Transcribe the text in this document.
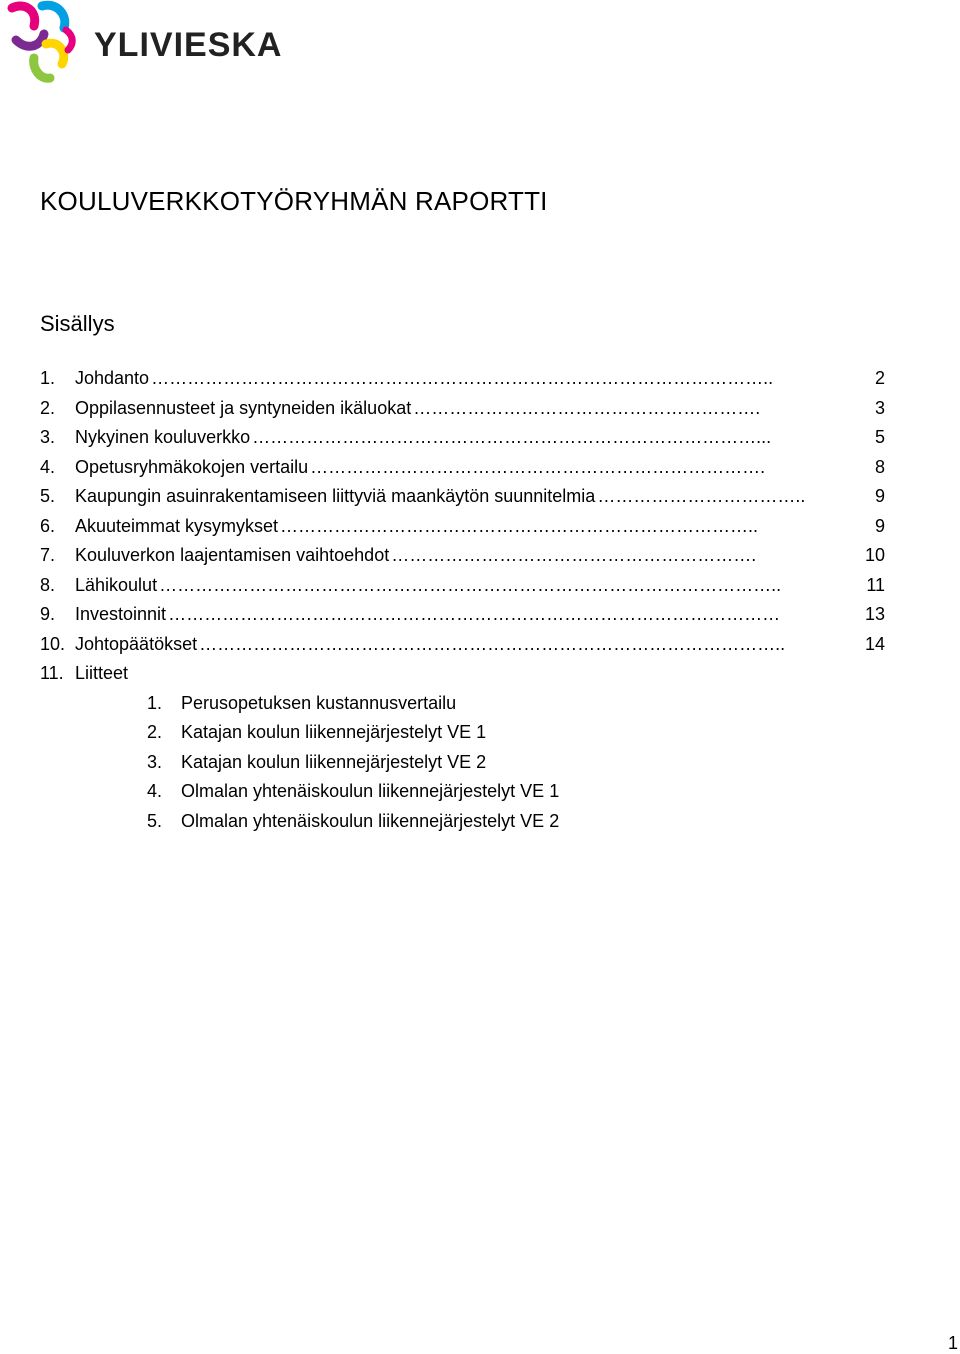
YLIVIESKA
KOULUVERKKOTYÖRYHMÄN RAPORTTI
Sisällys
1. Johdanto	2
…………………………………………………………………………………………..
2. Oppilasennusteet ja syntyneiden ikäluokat	3
………………………………………………….
3. Nykyinen kouluverkko	5
…………………………………………………………………………...
4. Opetusryhmäkokojen vertailu	8
………………………………………………………………….
5. Kaupungin asuinrakentamiseen liittyviä maankäytön suunnitelmia	9
……………………………..
6. Akuuteimmat kysymykset	9
……………………………………………………………………..
7. Kouluverkon laajentamisen vaihtoehdot	10
…………………………………………………….
8. Lähikoulut	11
…………………………………………………………………………………………..
9. Investoinnit	13
…………………………………………………………………………………………
10. Johtopäätökset	14
……………………………………………………………………………………..
11. Liitteet
1. Perusopetuksen kustannusvertailu
2. Katajan koulun liikennejärjestelyt VE 1
3. Katajan koulun liikennejärjestelyt VE 2
4. Olmalan yhtenäiskoulun liikennejärjestelyt VE 1
5. Olmalan yhtenäiskoulun liikennejärjestelyt VE 2
1
